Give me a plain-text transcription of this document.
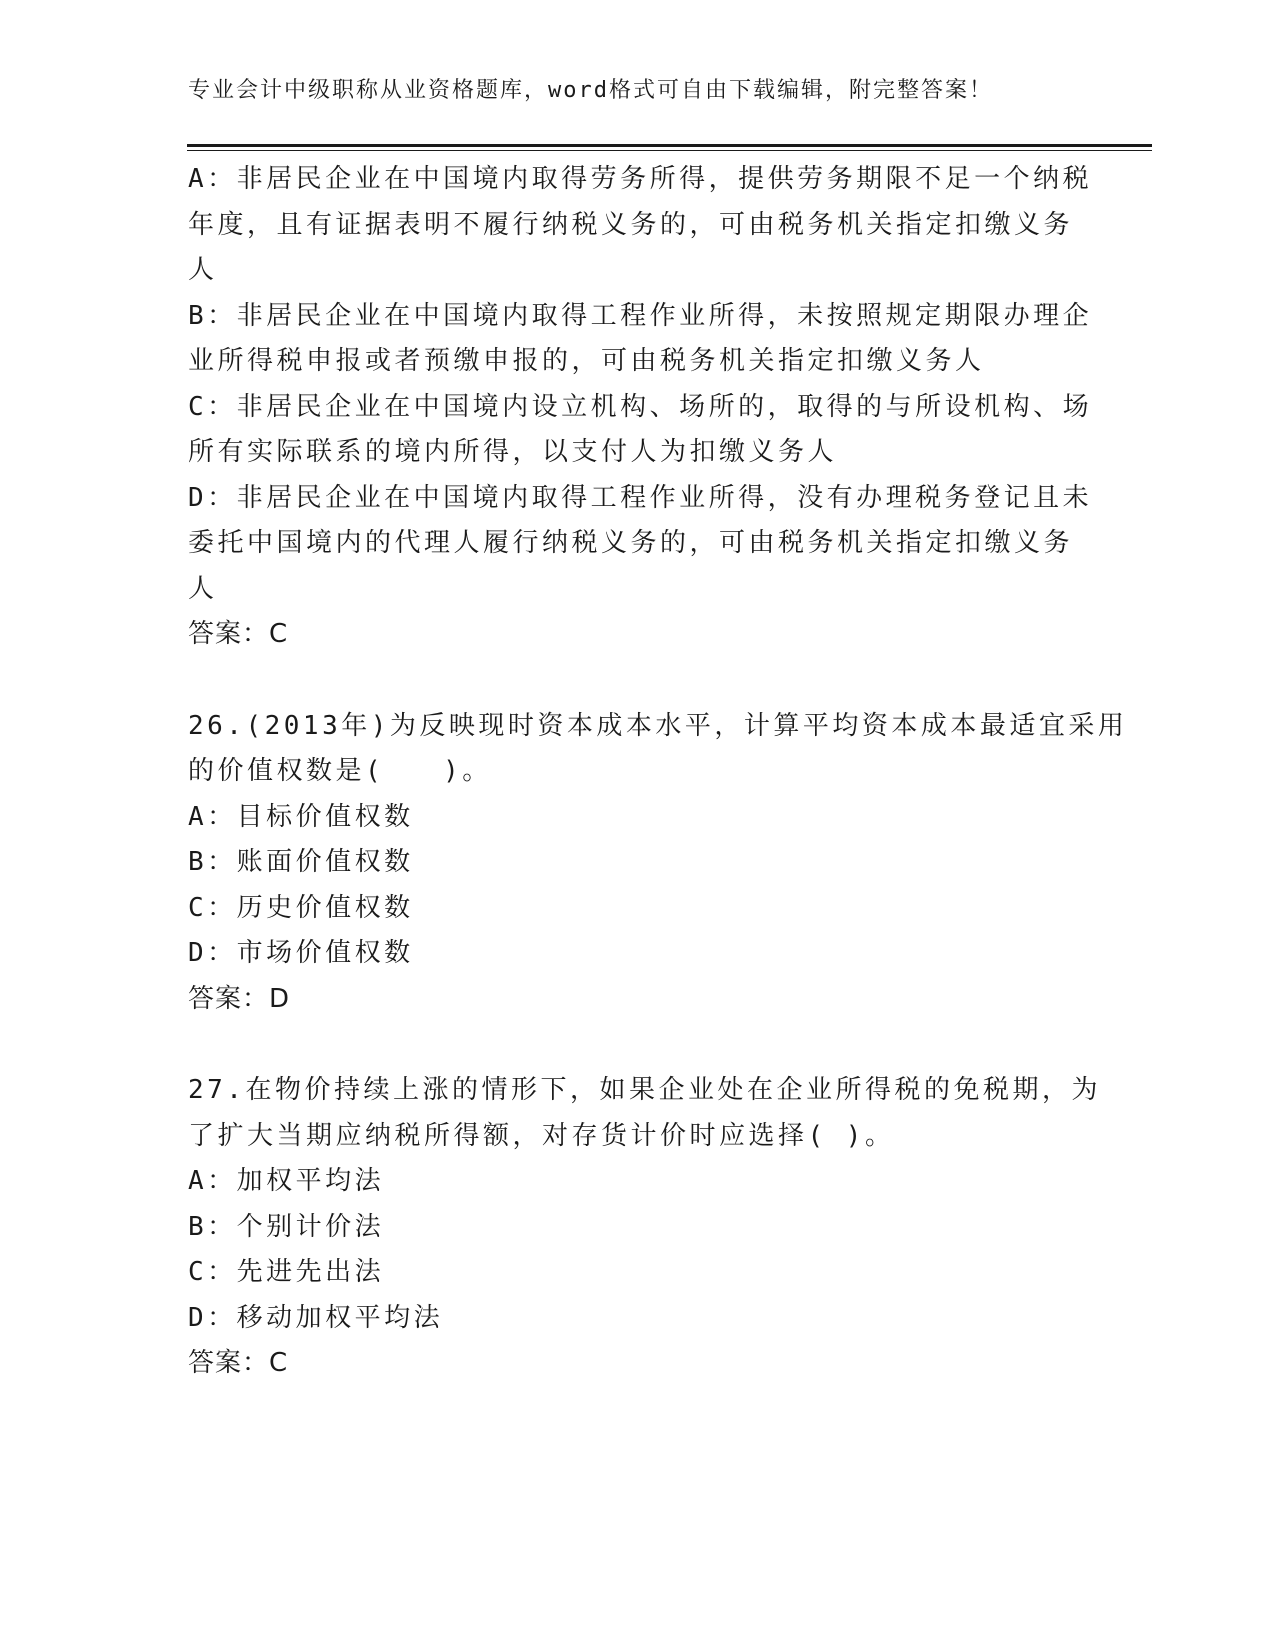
专业会计中级职称从业资格题库，word格式可自由下载编辑，附完整答案！
A：非居民企业在中国境内取得劳务所得，提供劳务期限不足一个纳税
年度，且有证据表明不履行纳税义务的，可由税务机关指定扣缴义务
人
B：非居民企业在中国境内取得工程作业所得，未按照规定期限办理企
业所得税申报或者预缴申报的，可由税务机关指定扣缴义务人
C：非居民企业在中国境内设立机构、场所的，取得的与所设机构、场
所有实际联系的境内所得，以支付人为扣缴义务人
D：非居民企业在中国境内取得工程作业所得，没有办理税务登记且未
委托中国境内的代理人履行纳税义务的，可由税务机关指定扣缴义务
人
答案：C
26.(2013年)为反映现时资本成本水平，计算平均资本成本最适宜采用
的价值权数是(　　)。
A：目标价值权数
B：账面价值权数
C：历史价值权数
D：市场价值权数
答案：D
27.在物价持续上涨的情形下，如果企业处在企业所得税的免税期，为
了扩大当期应纳税所得额，对存货计价时应选择( )。
A：加权平均法
B：个别计价法
C：先进先出法
D：移动加权平均法
答案：C
